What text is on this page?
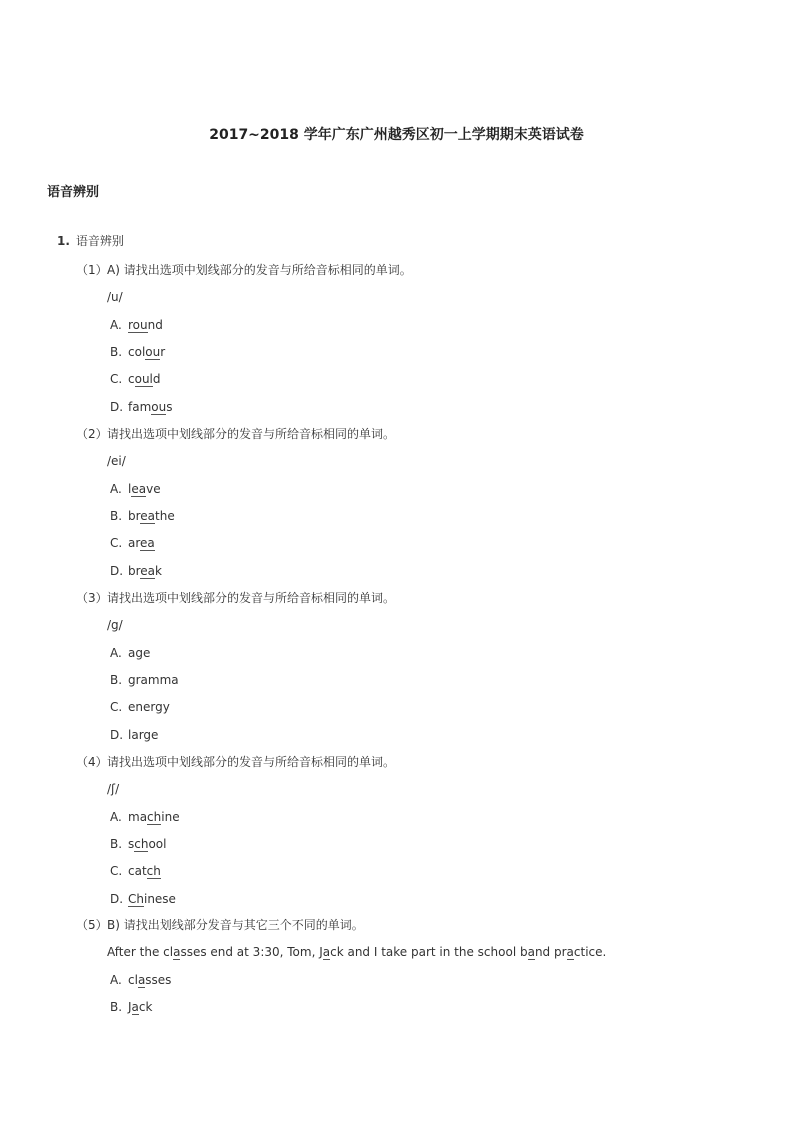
2017~2018 学年广东广州越秀区初一上学期期末英语试卷
语音辨别
1. 语音辨别
（1） A) 请找出选项中划线部分的发音与所给音标相同的单词。
/u/
A. round
B. colour
C. could
D. famous
（2） 请找出选项中划线部分的发音与所给音标相同的单词。
/ei/
A. leave
B. breathe
C. area
D. break
（3） 请找出选项中划线部分的发音与所给音标相同的单词。
/g/
A. age
B. gramma
C. energy
D. large
（4） 请找出选项中划线部分的发音与所给音标相同的单词。
/ʃ/
A. machine
B. school
C. catch
D. Chinese
（5） B) 请找出划线部分发音与其它三个不同的单词。
After the classes end at 3:30, Tom, Jack and I take part in the school band practice.
A. classes
B. Jack
